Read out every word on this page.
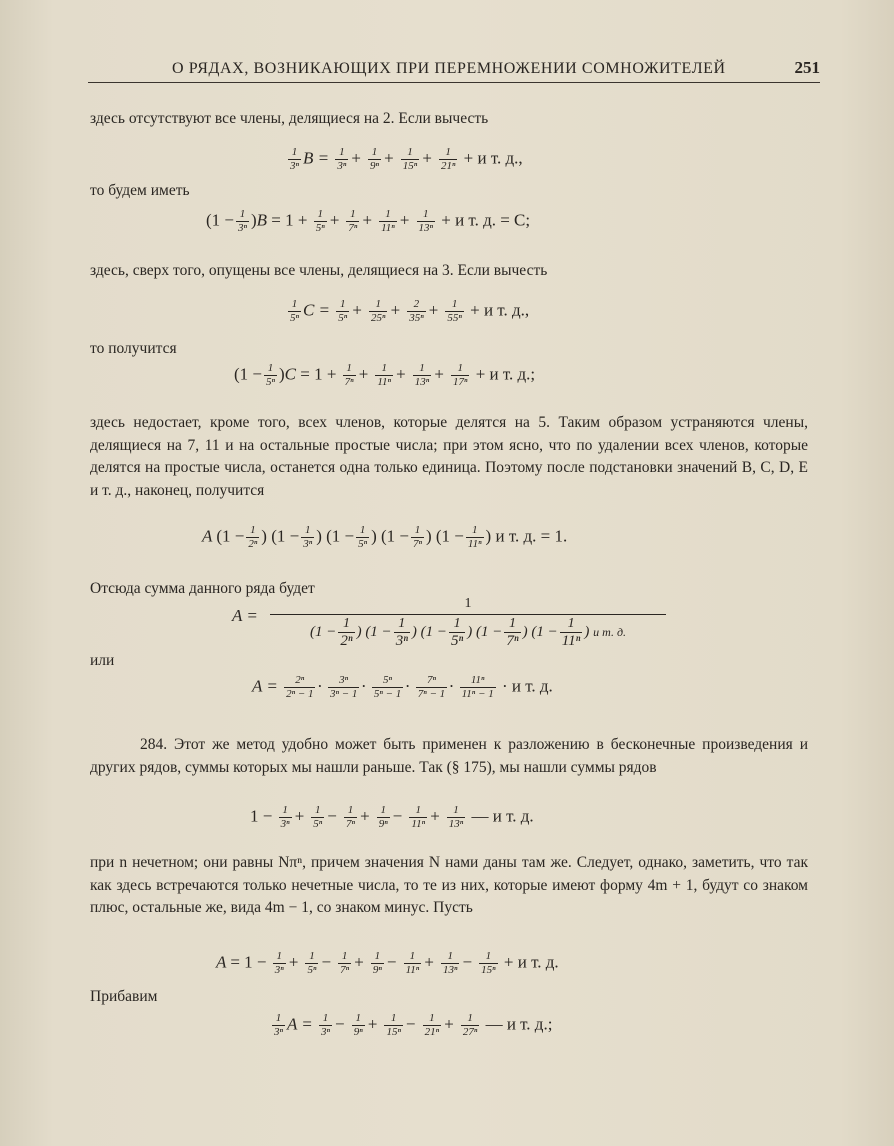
О РЯДАХ, ВОЗНИКАЮЩИХ ПРИ ПЕРЕМНОЖЕНИИ СОМНОЖИТЕЛЕЙ	251
здесь отсутствуют все члены, делящиеся на 2. Если вычесть
$\frac{1}{\text{3ⁿ}}$ $B = \frac{1}{\text{3ⁿ}} + \frac{1}{\text{9ⁿ}} + \frac{1}{\text{15ⁿ}} + \frac{1}{\text{21ⁿ}} + и$ т. д.,
то будем иметь
$(1 - \frac{1}{\text{3ⁿ}} )B = 1 + \frac{1}{\text{5ⁿ}} + \frac{1}{\text{7ⁿ}} + \frac{1}{\text{11ⁿ}} + \frac{1}{\text{13ⁿ}} + и$ т. д. = C;
здесь, сверх того, опущены все члены, делящиеся на 3. Если вычесть
$\frac{1}{\text{5ⁿ}}$ $C = \frac{1}{\text{5ⁿ}} + \frac{1}{\text{25ⁿ}} + \frac{2}{\text{35ⁿ}} + \frac{1}{\text{55ⁿ}} + и$ т. д.,
то получится
$(1 - \frac{1}{\text{5ⁿ}} )C = 1 + \frac{1}{\text{7ⁿ}} + \frac{1}{\text{11ⁿ}} + \frac{1}{\text{13ⁿ}} + \frac{1}{\text{17ⁿ}} + и$ т. д.;
здесь недостает, кроме того, всех членов, которые делятся на 5. Таким образом устраняются члены, делящиеся на 7, 11 и на остальные простые числа; при этом ясно, что по удалении всех членов, которые делятся на простые числа, останется одна только единица. Поэтому после подстановки значений B, C, D, E и т. д., наконец, получится
A ($1 - \frac{1}{\text{2ⁿ}}$ ) ($1 - \frac{1}{\text{3ⁿ}}$ ) ($1 - \frac{1}{\text{5ⁿ}}$ ) ($1 - \frac{1}{\text{7ⁿ}}$ ) ($1 - \frac{1}{\text{11ⁿ}}$ ) и т. д. = 1.
Отсюда сумма данного ряда будет
A =
1
($1 - \frac{1}{\text{2ⁿ}}$ ) ($1 - \frac{1}{\text{3ⁿ}}$ ) ($1 - \frac{1}{\text{5ⁿ}}$ ) ($1 - \frac{1}{\text{7ⁿ}}$ ) ($1 - \frac{1}{\text{11ⁿ}}$ ) и т. д.
или
$A = \frac{\text{2ⁿ}}{\text{2ⁿ − 1}} \cdot \frac{\text{3ⁿ}}{\text{3ⁿ − 1}} \cdot \frac{\text{5ⁿ}}{\text{5ⁿ − 1}} \cdot \frac{\text{7ⁿ}}{\text{7ⁿ − 1}} \cdot \frac{\text{11ⁿ}}{\text{11ⁿ − 1}} \cdot и$ т. д.
284. Этот же метод удобно может быть применен к разложению в бесконечные произведения и других рядов, суммы которых мы нашли раньше. Так (§ 175), мы нашли суммы рядов
$1 - \frac{1}{\text{3ⁿ}} + \frac{1}{\text{5ⁿ}} - \frac{1}{\text{7ⁿ}} + \frac{1}{\text{9ⁿ}} - \frac{1}{\text{11ⁿ}} + \frac{1}{\text{13ⁿ}}$ — и т. д.
при n нечетном; они равны Nπⁿ, причем значения N нами даны там же. Следует, однако, заметить, что так как здесь встречаются только нечетные числа, то те из них, которые имеют форму 4m + 1, будут со знаком плюс, остальные же, вида 4m − 1, со знаком минус. Пусть
$A = 1 - \frac{1}{\text{3ⁿ}} + \frac{1}{\text{5ⁿ}} - \frac{1}{\text{7ⁿ}} + \frac{1}{\text{9ⁿ}} - \frac{1}{\text{11ⁿ}} + \frac{1}{\text{13ⁿ}} - \frac{1}{\text{15ⁿ}} + и$ т. д.
Прибавим
$\frac{1}{\text{3ⁿ}}$ $A = \frac{1}{\text{3ⁿ}} - \frac{1}{\text{9ⁿ}} + \frac{1}{\text{15ⁿ}} - \frac{1}{\text{21ⁿ}} + \frac{1}{\text{27ⁿ}}$ — и т. д.;
